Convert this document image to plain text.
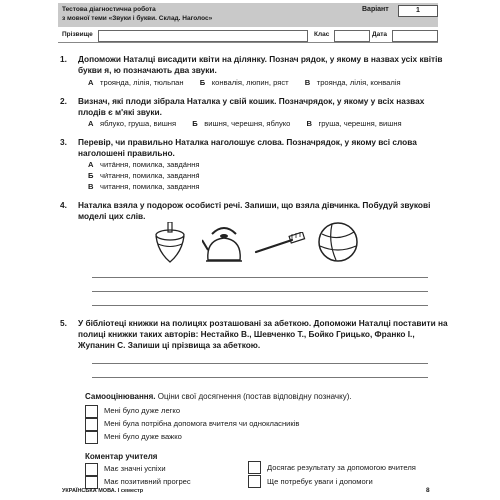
Тестова діагностична робота
з мовної теми «Звуки і букви. Склад. Наголос»
Варіант	1
Прізвище	Клас	Дата
1. Допоможи Наталці висадити квіти на ділянку. Познач рядок, у якому в назвах усіх квітів букви я, ю позначають два звуки.
А троянда, лілія, тюльпан Б конвалія, люпин, ряст В троянда, лілія, конвалія
2. Визнач, які плоди зібрала Наталка у свій кошик. Позначрядок, у якому у всіх назвах плодів є м'які звуки.
А яблуко, груша, вишня Б вишня, черешня, яблуко В груша, черешня, вишня
3. Перевір, чи правильно Наталка наголошує слова. Позначрядок, у якому всі слова наголошені правильно.
А чита́ння, помилка, завда́ння
Б чи́тання, помилка, завдання́
В читання, помилка, завдання
4. Наталка взяла у подорож особисті речі. Запиши, що взяла дівчинка. Побудуй звукові моделі цих слів.
5. У бібліотеці книжки на полицях розташовані за абеткою. Допоможи Наталці поставити на полиці книжки таких авторів: Нестайко В., Шевченко Т., Бойко Грицько, Франко І., Жупанин С. Запиши ці прізвища за абеткою.
Самооцінювання. Оціни свої досягнення (постав відповідну позначку).
Мені було дуже легко
Мені була потрібна допомога вчителя чи однокласників
Мені було дуже важко
Коментар учителя
Має значні успіхи	Досягає результату за допомогою вчителя
Має позитивний прогрес	Ще потребує уваги і допомоги
УКРАЇНСЬКА МОВА. І семестр	8
